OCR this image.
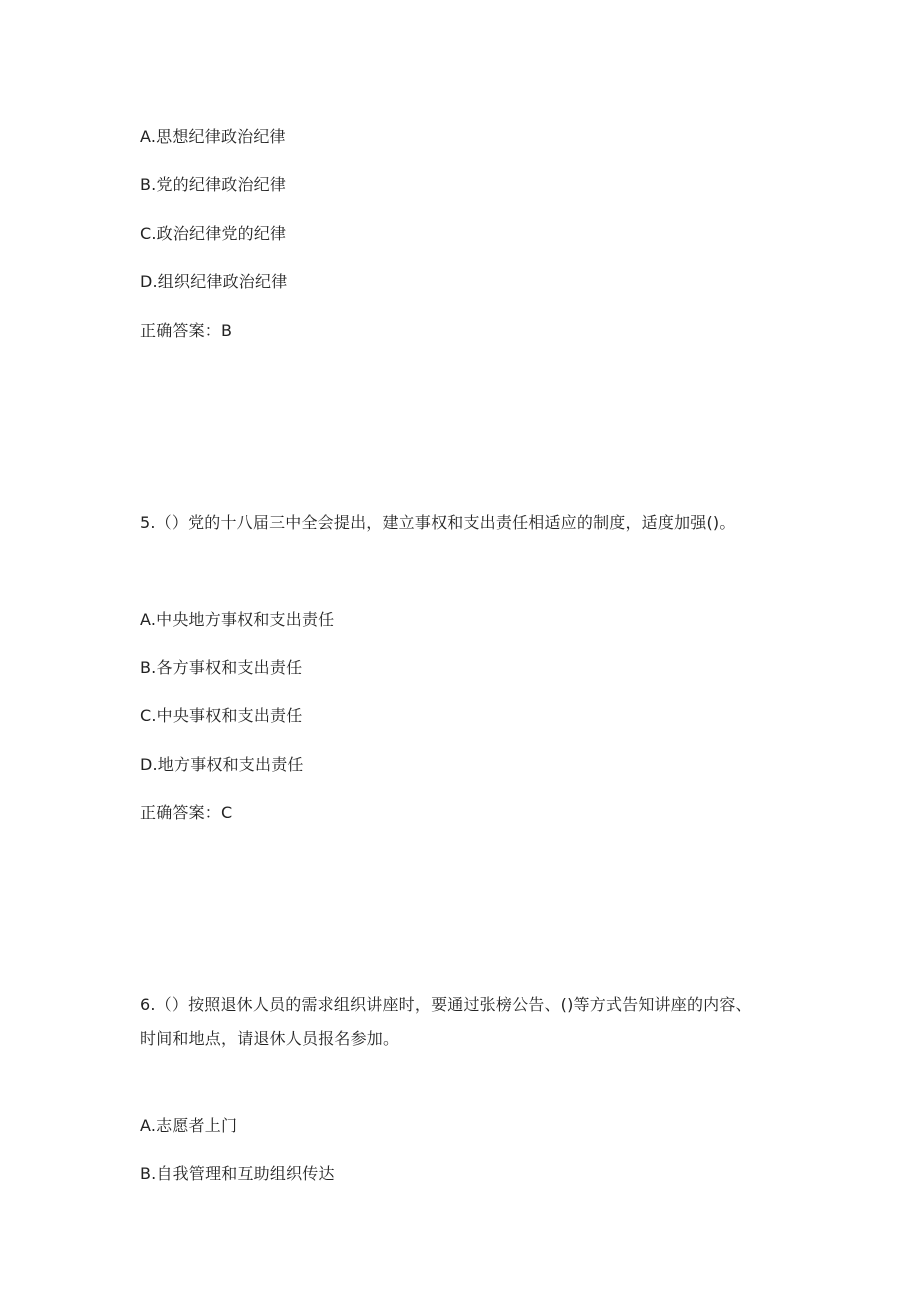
A.思想纪律政治纪律
B.党的纪律政治纪律
C.政治纪律党的纪律
D.组织纪律政治纪律
正确答案：B
5.（）党的十八届三中全会提出，建立事权和支出责任相适应的制度，适度加强()。
A.中央地方事权和支出责任
B.各方事权和支出责任
C.中央事权和支出责任
D.地方事权和支出责任
正确答案：C
6.（）按照退休人员的需求组织讲座时，要通过张榜公告、()等方式告知讲座的内容、
时间和地点，请退休人员报名参加。
A.志愿者上门
B.自我管理和互助组织传达
